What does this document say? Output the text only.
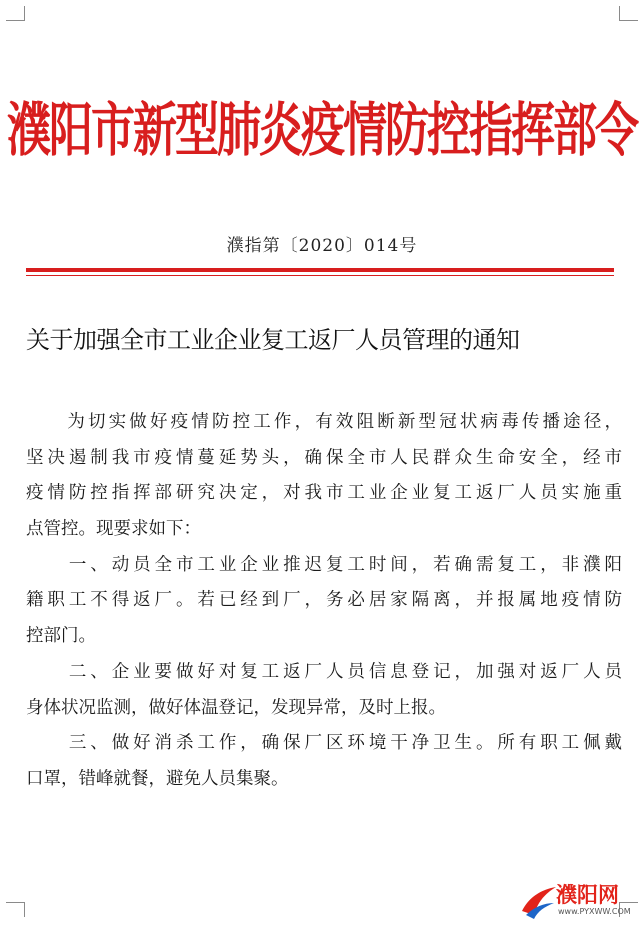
濮阳市新型肺炎疫情防控指挥部令
濮指第〔2020〕014号
关于加强全市工业企业复工返厂人员管理的通知
　　为切实做好疫情防控工作，有效阻断新型冠状病毒传播途径，
坚决遏制我市疫情蔓延势头，确保全市人民群众生命安全，经市
疫情防控指挥部研究决定，对我市工业企业复工返厂人员实施重
点管控。现要求如下：
　　一、动员全市工业企业推迟复工时间，若确需复工，非濮阳
籍职工不得返厂。若已经到厂，务必居家隔离，并报属地疫情防
控部门。
　　二、企业要做好对复工返厂人员信息登记，加强对返厂人员
身体状况监测，做好体温登记，发现异常，及时上报。
　　三、做好消杀工作，确保厂区环境干净卫生。所有职工佩戴
口罩，错峰就餐，避免人员集聚。
濮阳网
www.PYXWW.COM
